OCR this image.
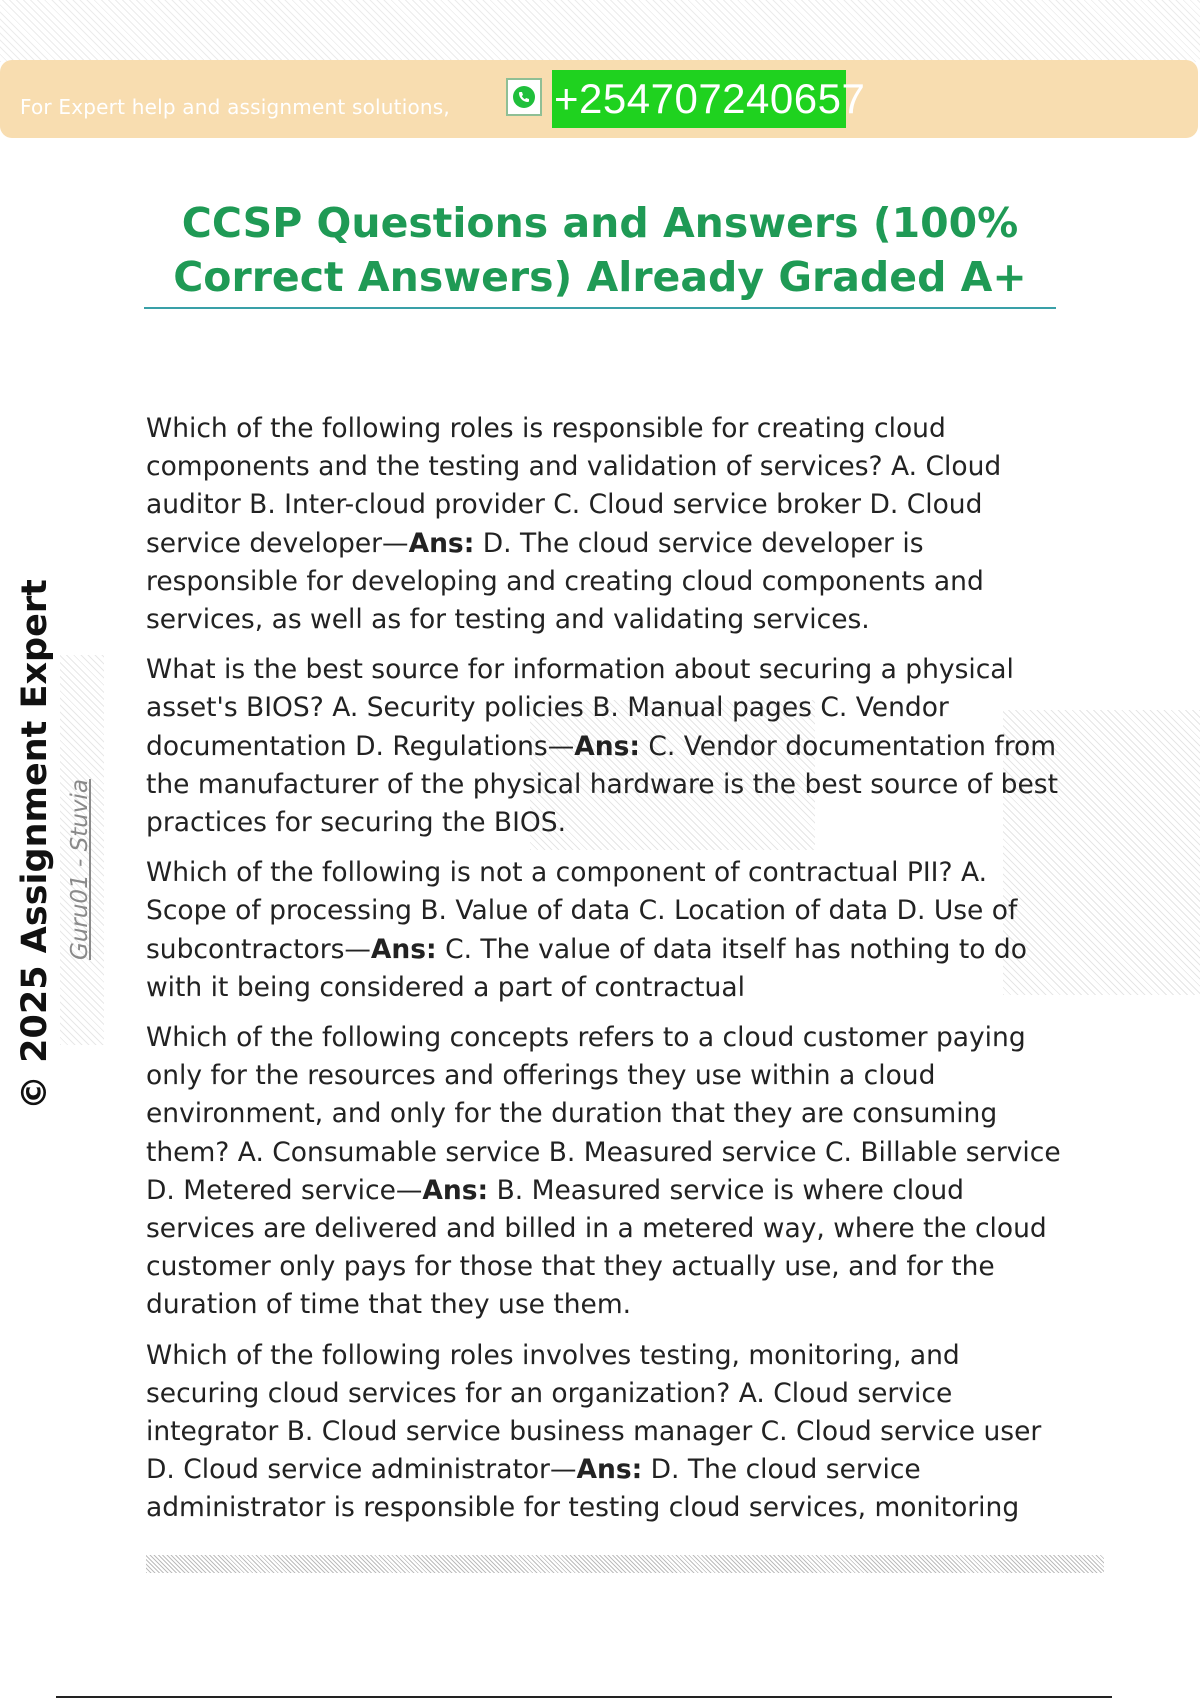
For Expert help and assignment solutions, +254707240657
CCSP Questions and Answers (100%
Correct Answers) Already Graded A+
© 2025 Assignment Expert Guru01 - Stuvia

Which of the following roles is responsible for creating cloud components and the testing and validation of services? A. Cloud auditor B. Inter-cloud provider C. Cloud service broker D. Cloud service developer—Ans: D. The cloud service developer is responsible for developing and creating cloud components and services, as well as for testing and validating services.

What is the best source for information about securing a physical asset's BIOS? A. Security policies B. Manual pages C. Vendor documentation D. Regulations—Ans: C. Vendor documentation from the manufacturer of the physical hardware is the best source of best practices for securing the BIOS.

Which of the following is not a component of contractual PII? A. Scope of processing B. Value of data C. Location of data D. Use of subcontractors—Ans: C. The value of data itself has nothing to do with it being considered a part of contractual

Which of the following concepts refers to a cloud customer paying only for the resources and offerings they use within a cloud environment, and only for the duration that they are consuming them? A. Consumable service B. Measured service C. Billable service D. Metered service—Ans: B. Measured service is where cloud services are delivered and billed in a metered way, where the cloud customer only pays for those that they actually use, and for the duration of time that they use them.

Which of the following roles involves testing, monitoring, and securing cloud services for an organization? A. Cloud service integrator B. Cloud service business manager C. Cloud service user D. Cloud service administrator—Ans: D. The cloud service administrator is responsible for testing cloud services, monitoring
